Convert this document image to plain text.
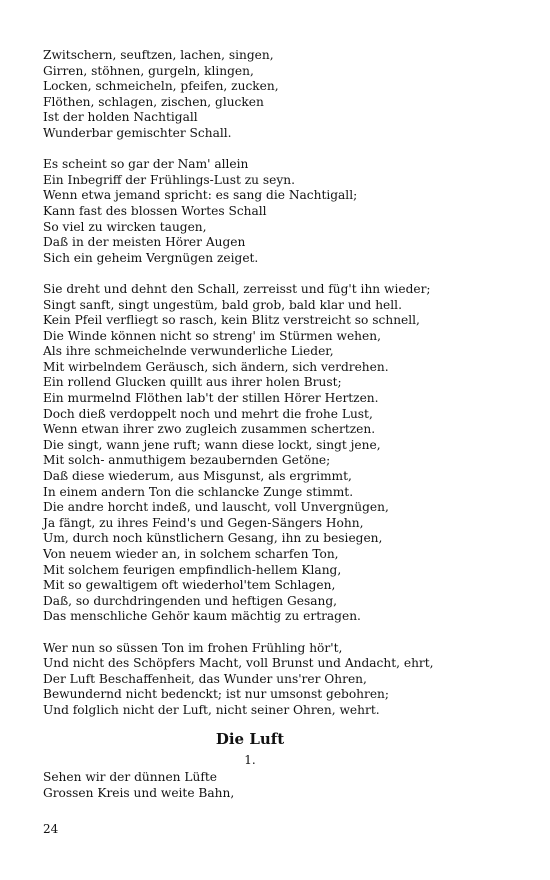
Zwitschern, seuftzen, lachen, singen,
Girren, stöhnen, gurgeln, klingen,
Locken, schmeicheln, pfeifen, zucken,
Flöthen, schlagen, zischen, glucken
Ist der holden Nachtigall
Wunderbar gemischter Schall.
Es scheint so gar der Nam' allein
Ein Inbegriff der Frühlings-Lust zu seyn.
Wenn etwa jemand spricht: es sang die Nachtigall;
Kann fast des blossen Wortes Schall
So viel zu wircken taugen,
Daß in der meisten Hörer Augen
Sich ein geheim Vergnügen zeiget.
Sie dreht und dehnt den Schall, zerreisst und füg't ihn wieder;
Singt sanft, singt ungestüm, bald grob, bald klar und hell.
Kein Pfeil verfliegt so rasch, kein Blitz verstreicht so schnell,
Die Winde können nicht so streng' im Stürmen wehen,
Als ihre schmeichelnde verwunderliche Lieder,
Mit wirbelndem Geräusch, sich ändern, sich verdrehen.
Ein rollend Glucken quillt aus ihrer holen Brust;
Ein murmelnd Flöthen lab't der stillen Hörer Hertzen.
Doch dieß verdoppelt noch und mehrt die frohe Lust,
Wenn etwan ihrer zwo zugleich zusammen schertzen.
Die singt, wann jene ruft; wann diese lockt, singt jene,
Mit solch- anmuthigem bezaubernden Getöne;
Daß diese wiederum, aus Misgunst, als ergrimmt,
In einem andern Ton die schlancke Zunge stimmt.
Die andre horcht indeß, und lauscht, voll Unvergnügen,
Ja fängt, zu ihres Feind's und Gegen-Sängers Hohn,
Um, durch noch künstlichern Gesang, ihn zu besiegen,
Von neuem wieder an, in solchem scharfen Ton,
Mit solchem feurigen empfindlich-hellem Klang,
Mit so gewaltigem oft wiederhol'tem Schlagen,
Daß, so durchdringenden und heftigen Gesang,
Das menschliche Gehör kaum mächtig zu ertragen.
Wer nun so süssen Ton im frohen Frühling hör't,
Und nicht des Schöpfers Macht, voll Brunst und Andacht, ehrt,
Der Luft Beschaffenheit, das Wunder uns'rer Ohren,
Bewundernd nicht bedenckt; ist nur umsonst gebohren;
Und folglich nicht der Luft, nicht seiner Ohren, wehrt.
Die Luft
1.
Sehen wir der dünnen Lüfte
Grossen Kreis und weite Bahn,
24
